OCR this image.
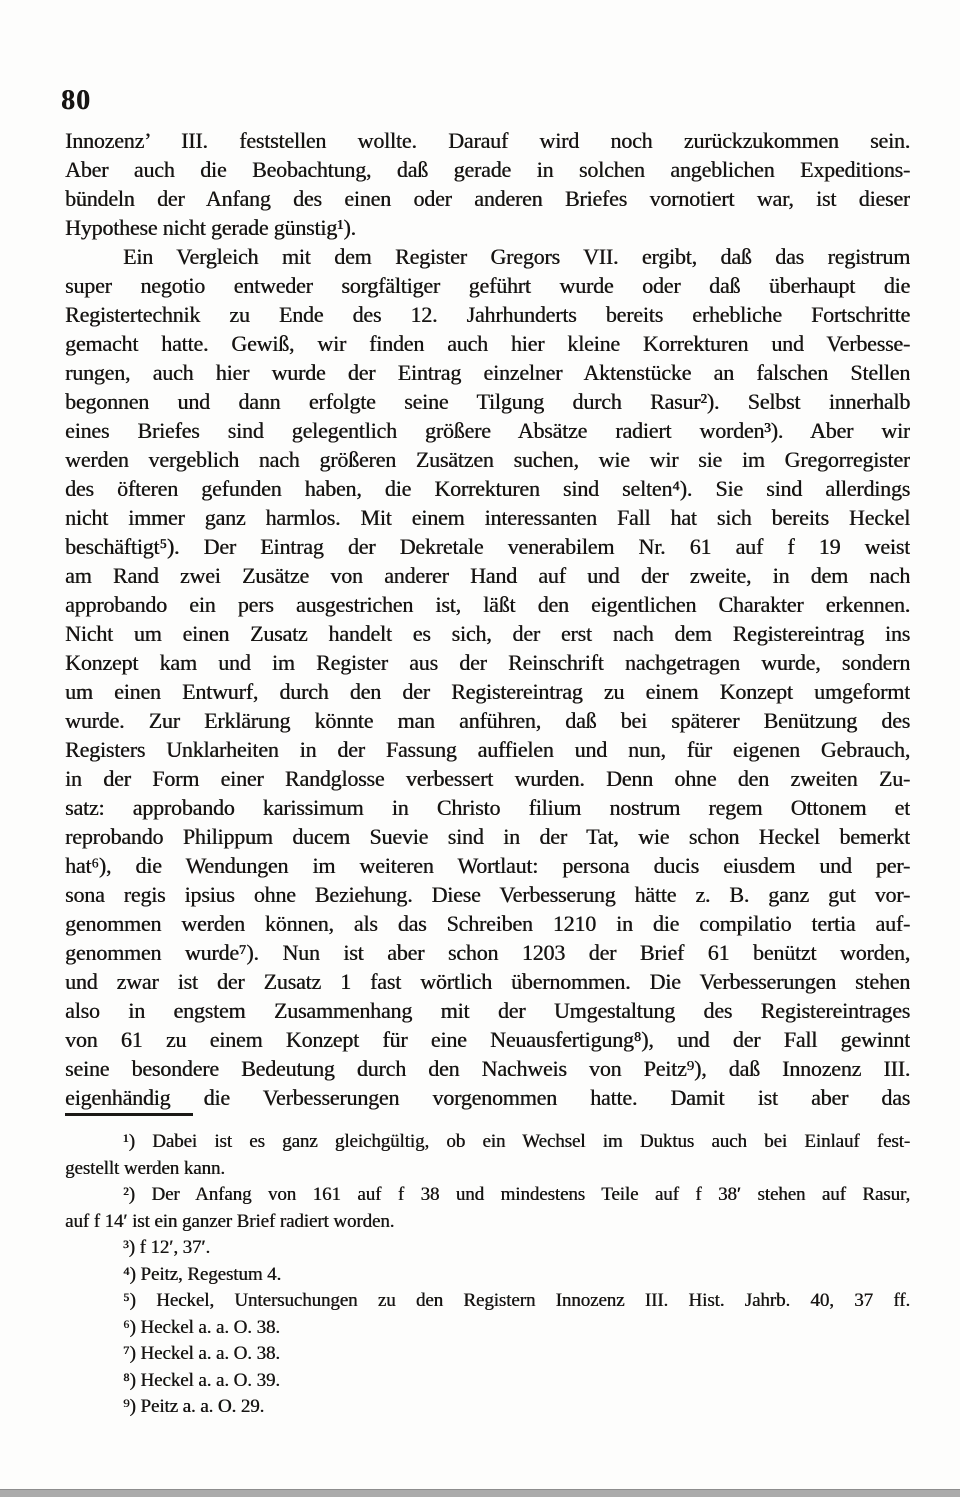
80
Innozenz’ III. feststellen wollte. Darauf wird noch zurückzukommen sein.
Aber auch die Beobachtung, daß gerade in solchen angeblichen Expeditions-
bündeln der Anfang des einen oder anderen Briefes vornotiert war, ist dieser
Hypothese nicht gerade günstig¹).
Ein Vergleich mit dem Register Gregors VII. ergibt, daß das registrum
super negotio entweder sorgfältiger geführt wurde oder daß überhaupt die
Registertechnik zu Ende des 12. Jahrhunderts bereits erhebliche Fortschritte
gemacht hatte. Gewiß, wir finden auch hier kleine Korrekturen und Verbesse-
rungen, auch hier wurde der Eintrag einzelner Aktenstücke an falschen Stellen
begonnen und dann erfolgte seine Tilgung durch Rasur²). Selbst innerhalb
eines Briefes sind gelegentlich größere Absätze radiert worden³). Aber wir
werden vergeblich nach größeren Zusätzen suchen, wie wir sie im Gregorregister
des öfteren gefunden haben, die Korrekturen sind selten⁴). Sie sind allerdings
nicht immer ganz harmlos. Mit einem interessanten Fall hat sich bereits Heckel
beschäftigt⁵). Der Eintrag der Dekretale venerabilem Nr. 61 auf f 19 weist
am Rand zwei Zusätze von anderer Hand auf und der zweite, in dem nach
approbando ein pers ausgestrichen ist, läßt den eigentlichen Charakter erkennen.
Nicht um einen Zusatz handelt es sich, der erst nach dem Registereintrag ins
Konzept kam und im Register aus der Reinschrift nachgetragen wurde, sondern
um einen Entwurf, durch den der Registereintrag zu einem Konzept umgeformt
wurde. Zur Erklärung könnte man anführen, daß bei späterer Benützung des
Registers Unklarheiten in der Fassung auffielen und nun, für eigenen Gebrauch,
in der Form einer Randglosse verbessert wurden. Denn ohne den zweiten Zu-
satz: approbando karissimum in Christo filium nostrum regem Ottonem et
reprobando Philippum ducem Suevie sind in der Tat, wie schon Heckel bemerkt
hat⁶), die Wendungen im weiteren Wortlaut: persona ducis eiusdem und per-
sona regis ipsius ohne Beziehung. Diese Verbesserung hätte z. B. ganz gut vor-
genommen werden können, als das Schreiben 1210 in die compilatio tertia auf-
genommen wurde⁷). Nun ist aber schon 1203 der Brief 61 benützt worden,
und zwar ist der Zusatz 1 fast wörtlich übernommen. Die Verbesserungen stehen
also in engstem Zusammenhang mit der Umgestaltung des Registereintrages
von 61 zu einem Konzept für eine Neuausfertigung⁸), und der Fall gewinnt
seine besondere Bedeutung durch den Nachweis von Peitz⁹), daß Innozenz III.
eigenhändig die Verbesserungen vorgenommen hatte. Damit ist aber das
¹) Dabei ist es ganz gleichgültig, ob ein Wechsel im Duktus auch bei Einlauf fest-
gestellt werden kann.
²) Der Anfang von 161 auf f 38 und mindestens Teile auf f 38′ stehen auf Rasur,
auf f 14′ ist ein ganzer Brief radiert worden.
³) f 12′, 37′.
⁴) Peitz, Regestum 4.
⁵) Heckel, Untersuchungen zu den Registern Innozenz III. Hist. Jahrb. 40, 37 ff.
⁶) Heckel a. a. O. 38.
⁷) Heckel a. a. O. 38.
⁸) Heckel a. a. O. 39.
⁹) Peitz a. a. O. 29.
